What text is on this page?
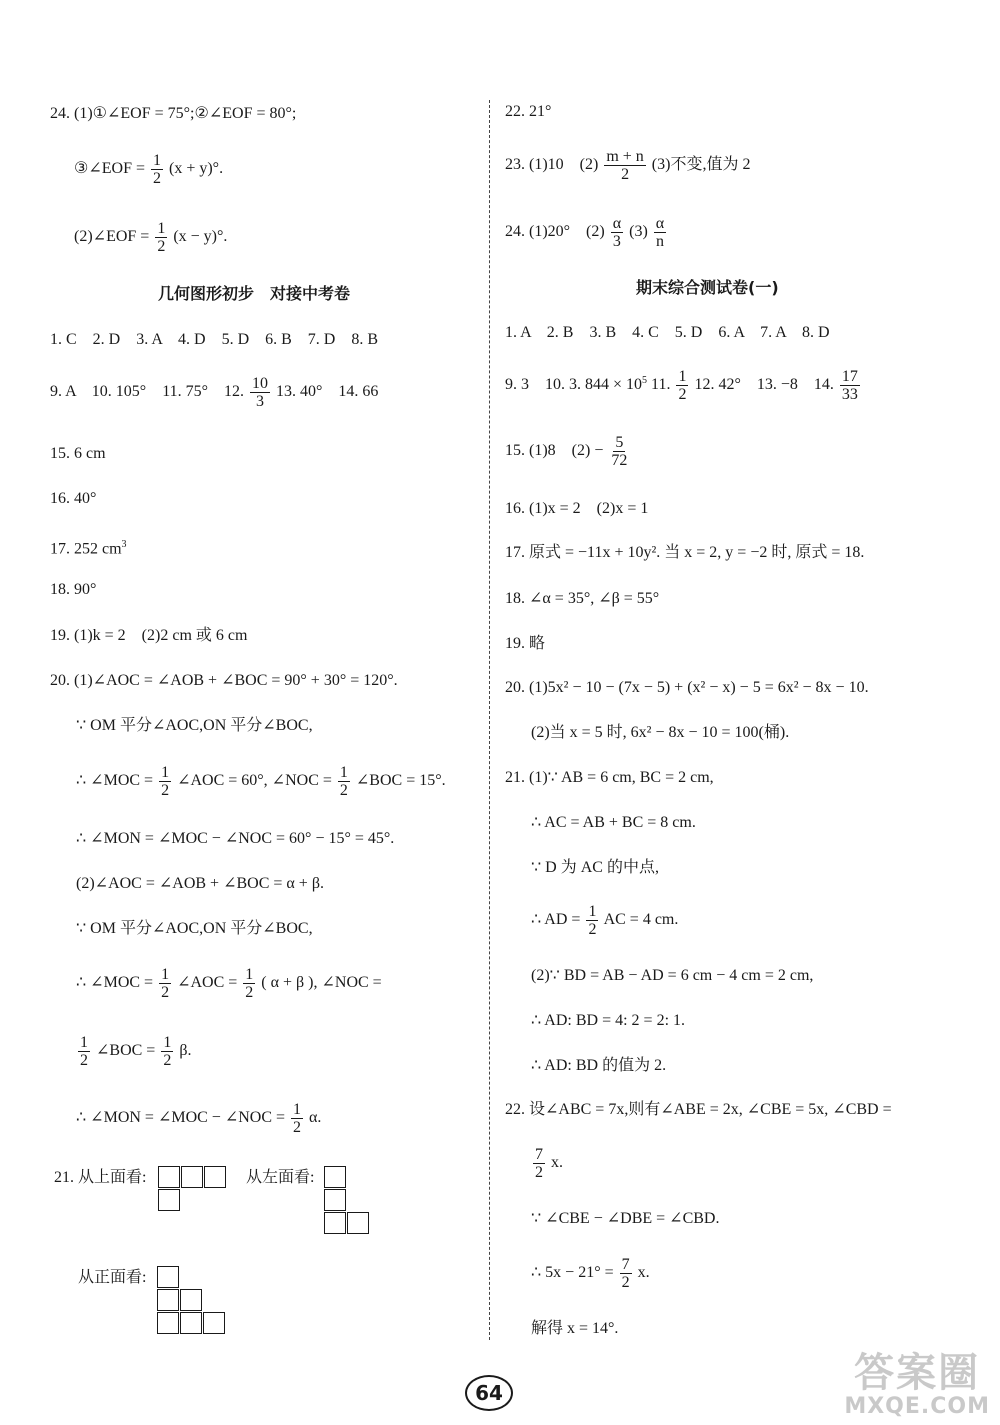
24. (1)①∠EOF = 75°;②∠EOF = 80°;
③∠EOF = $\frac{1}{2} (x + y)^\circ$.
(2)∠EOF = $\frac{1}{2} (x - y)^\circ$.
几何图形初步　对接中考卷
1. C　2. D　3. A　4. D　5. D　6. B　7. D　8. B
9. A　10. 105°　11. 75°　12. $\frac{10}{3} 13$. 40°　14. 66
15. 6 cm
16. 40°
17. 252 $cm^3$
18. 90°
19. (1)k = 2　(2)2 cm 或 6 cm
20. (1)∠AOC = ∠AOB + ∠BOC = 90° + 30° = 120°.
∵ OM 平分∠AOC,ON 平分∠BOC,
∴ ∠MOC = $\frac{1}{2}$ ∠AOC = 60°, ∠NOC = $\frac{1}{2}$ ∠BOC = 15°.
∴ ∠MON = ∠MOC − ∠NOC = 60° − 15° = 45°.
(2)∠AOC = ∠AOB + ∠BOC = α + β.
∵ OM 平分∠AOC,ON 平分∠BOC,
∴ ∠MOC = $\frac{1}{2}$ ∠AOC = $\frac{1}{2}$ ( α + β ), ∠NOC =
$\frac{1}{2}$ ∠BOC = $\frac{1}{2} \beta$.
∴ ∠MON = ∠MOC − ∠NOC = $\frac{1}{2} \alpha$.
21. 从上面看:	从左面看:
从正面看:
22. 21°
23. (1)10　$(2) \frac{m + n}{2} (3)$不变,值为 2
24. (1)20°　$(2) \frac{\alpha}{3} (3) \frac{\alpha}{n}$
期末综合测试卷(一)
1. A　2. B　3. B　4. C　5. D　6. A　7. A　8. D
9. 3　10. 3. $844 \times 10^5$ 11. $\frac{1}{2} 12$. 42°　13. −8　14. $\frac{17}{33}$
15. (1)8　$(2) - \frac{5}{72}$
16. (1)x = 2　(2)x = 1
17. 原式 = −11x + 10y². 当 x = 2, y = −2 时, 原式 = 18.
18. ∠α = 35°, ∠β = 55°
19. 略
20. (1)5x² − 10 − (7x − 5) + (x² − x) − 5 = 6x² − 8x − 10.
(2)当 x = 5 时, 6x² − 8x − 10 = 100(桶).
21. (1)∵ AB = 6 cm, BC = 2 cm,
∴ AC = AB + BC = 8 cm.
∵ D 为 AC 的中点,
∴ AD = $\frac{1}{2}$ AC = 4 cm.
(2)∵ BD = AB − AD = 6 cm − 4 cm = 2 cm,
∴ AD: BD = 4: 2 = 2: 1.
∴ AD: BD 的值为 2.
22. 设∠ABC = 7x,则有∠ABE = 2x, ∠CBE = 5x, ∠CBD =
$\frac{7}{2} x$.
∵ ∠CBE − ∠DBE = ∠CBD.
∴ $5x - 21^\circ = \frac{7}{2} x$.
解得 x = 14°.
64	答案圈
MXQE.COM
